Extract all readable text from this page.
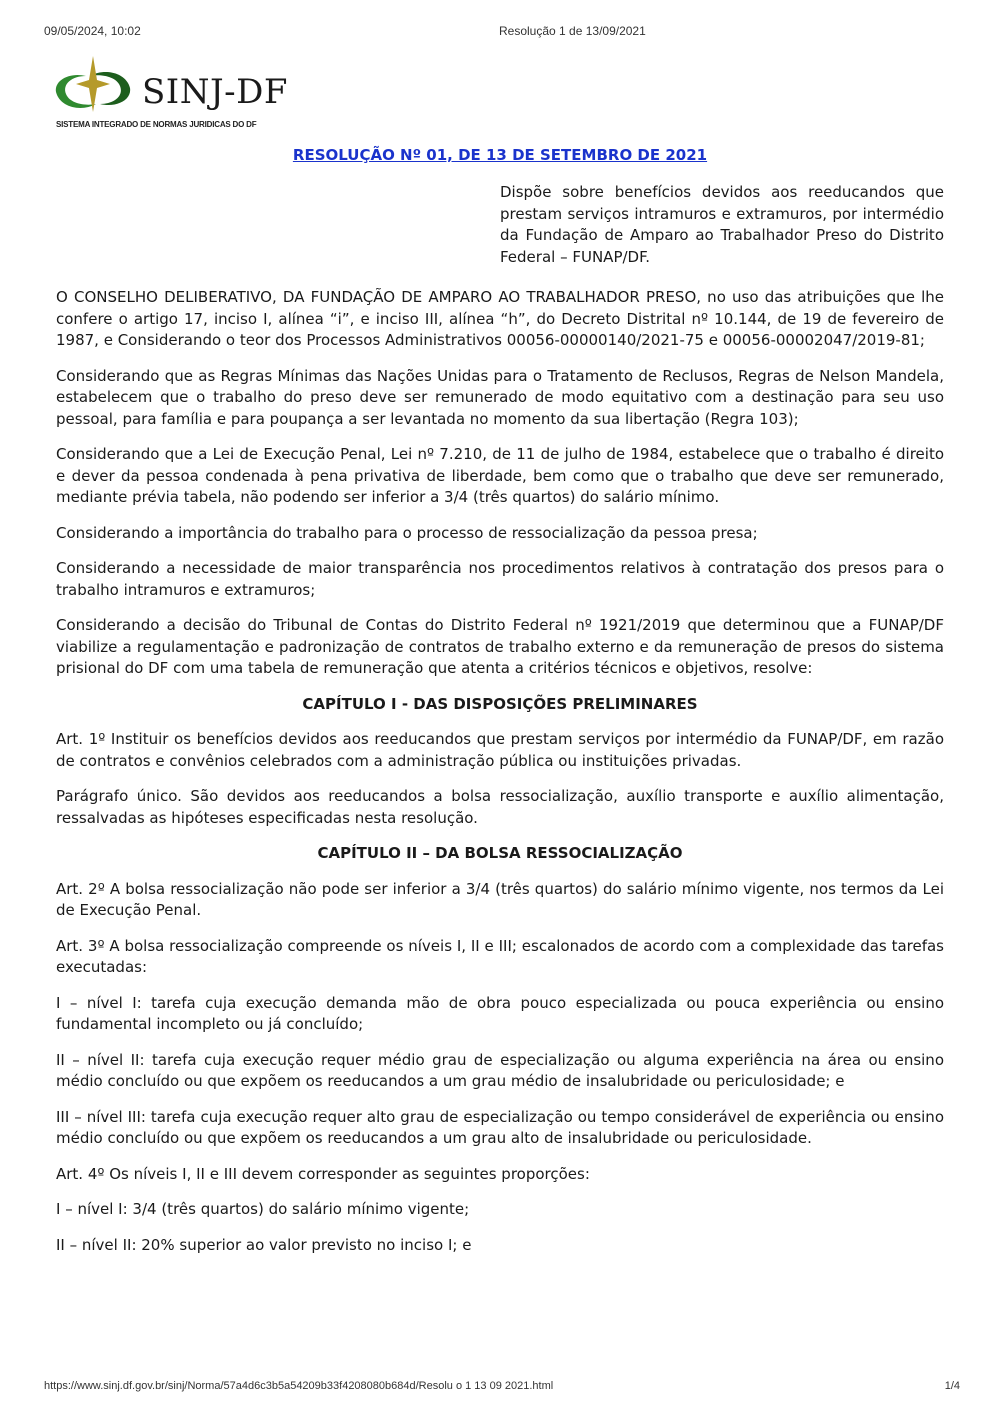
09/05/2024, 10:02	Resolução 1 de 13/09/2021
SINJ-DF
SISTEMA INTEGRADO DE NORMAS JURIDICAS DO DF
RESOLUÇÃO Nº 01, DE 13 DE SETEMBRO DE 2021

Dispõe sobre benefícios devidos aos reeducandos que prestam serviços intramuros e extramuros, por intermédio da Fundação de Amparo ao Trabalhador Preso do Distrito Federal – FUNAP/DF.

O CONSELHO DELIBERATIVO, DA FUNDAÇÃO DE AMPARO AO TRABALHADOR PRESO, no uso das atribuições que lhe confere o artigo 17, inciso I, alínea “i”, e inciso III, alínea “h”, do Decreto Distrital nº 10.144, de 19 de fevereiro de 1987, e Considerando o teor dos Processos Administrativos 00056-00000140/2021-75 e 00056-00002047/2019-81;

Considerando que as Regras Mínimas das Nações Unidas para o Tratamento de Reclusos, Regras de Nelson Mandela, estabelecem que o trabalho do preso deve ser remunerado de modo equitativo com a destinação para seu uso pessoal, para família e para poupança a ser levantada no momento da sua libertação (Regra 103);

Considerando que a Lei de Execução Penal, Lei nº 7.210, de 11 de julho de 1984, estabelece que o trabalho é direito e dever da pessoa condenada à pena privativa de liberdade, bem como que o trabalho que deve ser remunerado, mediante prévia tabela, não podendo ser inferior a 3/4 (três quartos) do salário mínimo.

Considerando a importância do trabalho para o processo de ressocialização da pessoa presa;

Considerando a necessidade de maior transparência nos procedimentos relativos à contratação dos presos para o trabalho intramuros e extramuros;

Considerando a decisão do Tribunal de Contas do Distrito Federal nº 1921/2019 que determinou que a FUNAP/DF viabilize a regulamentação e padronização de contratos de trabalho externo e da remuneração de presos do sistema prisional do DF com uma tabela de remuneração que atenta a critérios técnicos e objetivos, resolve:

CAPÍTULO I - DAS DISPOSIÇÕES PRELIMINARES

Art. 1º Instituir os benefícios devidos aos reeducandos que prestam serviços por intermédio da FUNAP/DF, em razão de contratos e convênios celebrados com a administração pública ou instituições privadas.

Parágrafo único. São devidos aos reeducandos a bolsa ressocialização, auxílio transporte e auxílio alimentação, ressalvadas as hipóteses especificadas nesta resolução.

CAPÍTULO II – DA BOLSA RESSOCIALIZAÇÃO

Art. 2º A bolsa ressocialização não pode ser inferior a 3/4 (três quartos) do salário mínimo vigente, nos termos da Lei de Execução Penal.

Art. 3º A bolsa ressocialização compreende os níveis I, II e III; escalonados de acordo com a complexidade das tarefas executadas:

I – nível I: tarefa cuja execução demanda mão de obra pouco especializada ou pouca experiência ou ensino fundamental incompleto ou já concluído;

II – nível II: tarefa cuja execução requer médio grau de especialização ou alguma experiência na área ou ensino médio concluído ou que expõem os reeducandos a um grau médio de insalubridade ou periculosidade; e

III – nível III: tarefa cuja execução requer alto grau de especialização ou tempo considerável de experiência ou ensino médio concluído ou que expõem os reeducandos a um grau alto de insalubridade ou periculosidade.

Art. 4º Os níveis I, II e III devem corresponder as seguintes proporções:

I – nível I: 3/4 (três quartos) do salário mínimo vigente;

II – nível II: 20% superior ao valor previsto no inciso I; e

https://www.sinj.df.gov.br/sinj/Norma/57a4d6c3b5a54209b33f4208080b684d/Resolu o 1 13 09 2021.html	1/4
